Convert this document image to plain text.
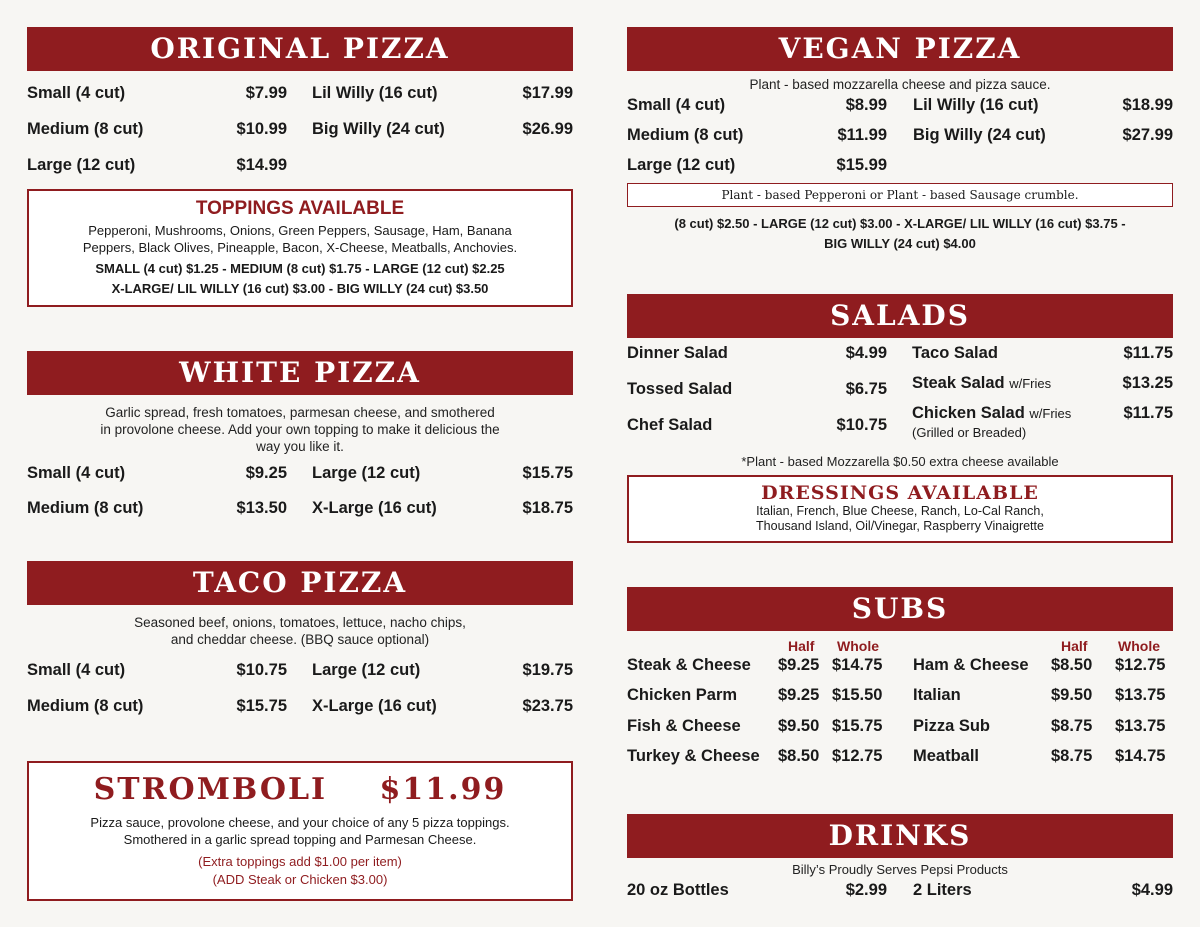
ORIGINAL PIZZA
Small (4 cut)	$7.99
Medium (8 cut)	$10.99
Large (12 cut)	$14.99
Lil Willy (16 cut)	$17.99
Big Willy (24 cut)	$26.99
TOPPINGS AVAILABLE
Pepperoni, Mushrooms, Onions, Green Peppers, Sausage, Ham, Banana
Peppers, Black Olives, Pineapple, Bacon, X-Cheese, Meatballs, Anchovies.
SMALL (4 cut) $1.25 - MEDIUM (8 cut) $1.75 - LARGE (12 cut) $2.25
X-LARGE/ LIL WILLY (16 cut) $3.00 - BIG WILLY (24 cut) $3.50
WHITE PIZZA
Garlic spread, fresh tomatoes, parmesan cheese, and smothered
in provolone cheese. Add your own topping to make it delicious the
way you like it.
Small (4 cut)	$9.25
Medium (8 cut)	$13.50
Large (12 cut)	$15.75
X-Large (16 cut)	$18.75
TACO PIZZA
Seasoned beef, onions, tomatoes, lettuce, nacho chips,
and cheddar cheese. (BBQ sauce optional)
Small (4 cut)	$10.75
Medium (8 cut)	$15.75
Large (12 cut)	$19.75
X-Large (16 cut)	$23.75
STROMBOLI $11.99
Pizza sauce, provolone cheese, and your choice of any 5 pizza toppings.
Smothered in a garlic spread topping and Parmesan Cheese.
(Extra toppings add $1.00 per item)
(ADD Steak or Chicken $3.00)
VEGAN PIZZA
Plant - based mozzarella cheese and pizza sauce.
Small (4 cut)	$8.99
Medium (8 cut)	$11.99
Large (12 cut)	$15.99
Lil Willy (16 cut)	$18.99
Big Willy (24 cut)	$27.99
Plant - based Pepperoni or Plant - based Sausage crumble.
(8 cut) $2.50 - LARGE (12 cut) $3.00 - X-LARGE/ LIL WILLY (16 cut) $3.75 -
BIG WILLY (24 cut) $4.00
SALADS
Dinner Salad	$4.99
Tossed Salad	$6.75
Chef Salad	$10.75
Taco Salad	$11.75
Steak Salad w/Fries	$13.25
Chicken Salad w/Fries
(Grilled or Breaded)
$11.75
*Plant - based Mozzarella $0.50 extra cheese available
DRESSINGS AVAILABLE
Italian, French, Blue Cheese, Ranch, Lo-Cal Ranch,
Thousand Island, Oil/Vinegar, Raspberry Vinaigrette
SUBS
Half Whole	Half Whole
Steak & Cheese $9.25 $14.75
Chicken Parm $9.25 $15.50
Fish & Cheese $9.50 $15.75
Turkey & Cheese $8.50 $12.75
Ham & Cheese $8.50 $12.75
Italian	$9.50 $13.75
Pizza Sub	$8.75 $13.75
Meatball	$8.75 $14.75
DRINKS
Billy’s Proudly Serves Pepsi Products
20 oz Bottles	$2.99 2 Liters	$4.99
